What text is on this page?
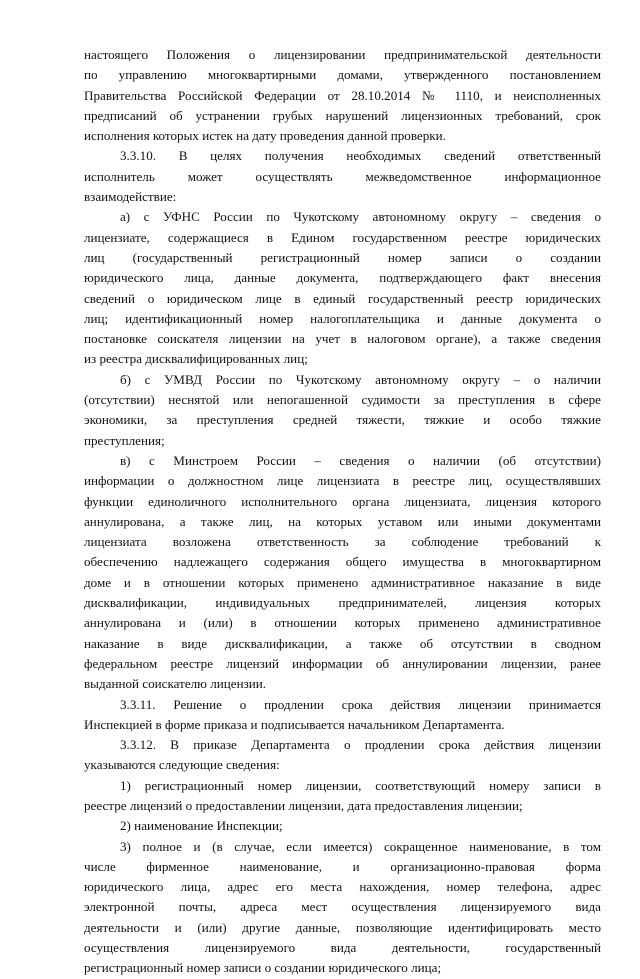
настоящего Положения о лицензировании предпринимательской деятельности
по управлению многоквартирными домами, утвержденного постановлением
Правительства Российской Федерации от 28.10.2014 № 1110, и неисполненных
предписаний об устранении грубых нарушений лицензионных требований, срок
исполнения которых истек на дату проведения данной проверки.
3.3.10. В целях получения необходимых сведений ответственный
исполнитель может осуществлять межведомственное информационное
взаимодействие:
а) с УФНС России по Чукотскому автономному округу – сведения о
лицензиате, содержащиеся в Едином государственном реестре юридических
лиц (государственный регистрационный номер записи о создании
юридического лица, данные документа, подтверждающего факт внесения
сведений о юридическом лице в единый государственный реестр юридических
лиц; идентификационный номер налогоплательщика и данные документа о
постановке соискателя лицензии на учет в налоговом органе), а также сведения
из реестра дисквалифицированных лиц;
б) с УМВД России по Чукотскому автономному округу – о наличии
(отсутствии) неснятой или непогашенной судимости за преступления в сфере
экономики, за преступления средней тяжести, тяжкие и особо тяжкие
преступления;
в) с Минстроем России – сведения о наличии (об отсутствии)
информации о должностном лице лицензиата в реестре лиц, осуществлявших
функции единоличного исполнительного органа лицензиата, лицензия которого
аннулирована, а также лиц, на которых уставом или иными документами
лицензиата возложена ответственность за соблюдение требований к
обеспечению надлежащего содержания общего имущества в многоквартирном
доме и в отношении которых применено административное наказание в виде
дисквалификации, индивидуальных предпринимателей, лицензия которых
аннулирована и (или) в отношении которых применено административное
наказание в виде дисквалификации, а также об отсутствии в сводном
федеральном реестре лицензий информации об аннулировании лицензии, ранее
выданной соискателю лицензии.
3.3.11. Решение о продлении срока действия лицензии принимается
Инспекцией в форме приказа и подписывается начальником Департамента.
3.3.12. В приказе Департамента о продлении срока действия лицензии
указываются следующие сведения:
1) регистрационный номер лицензии, соответствующий номеру записи в
реестре лицензий о предоставлении лицензии, дата предоставления лицензии;
2) наименование Инспекции;
3) полное и (в случае, если имеется) сокращенное наименование, в том
числе фирменное наименование, и организационно-правовая форма
юридического лица, адрес его места нахождения, номер телефона, адрес
электронной почты, адреса мест осуществления лицензируемого вида
деятельности и (или) другие данные, позволяющие идентифицировать место
осуществления лицензируемого вида деятельности, государственный
регистрационный номер записи о создании юридического лица;
